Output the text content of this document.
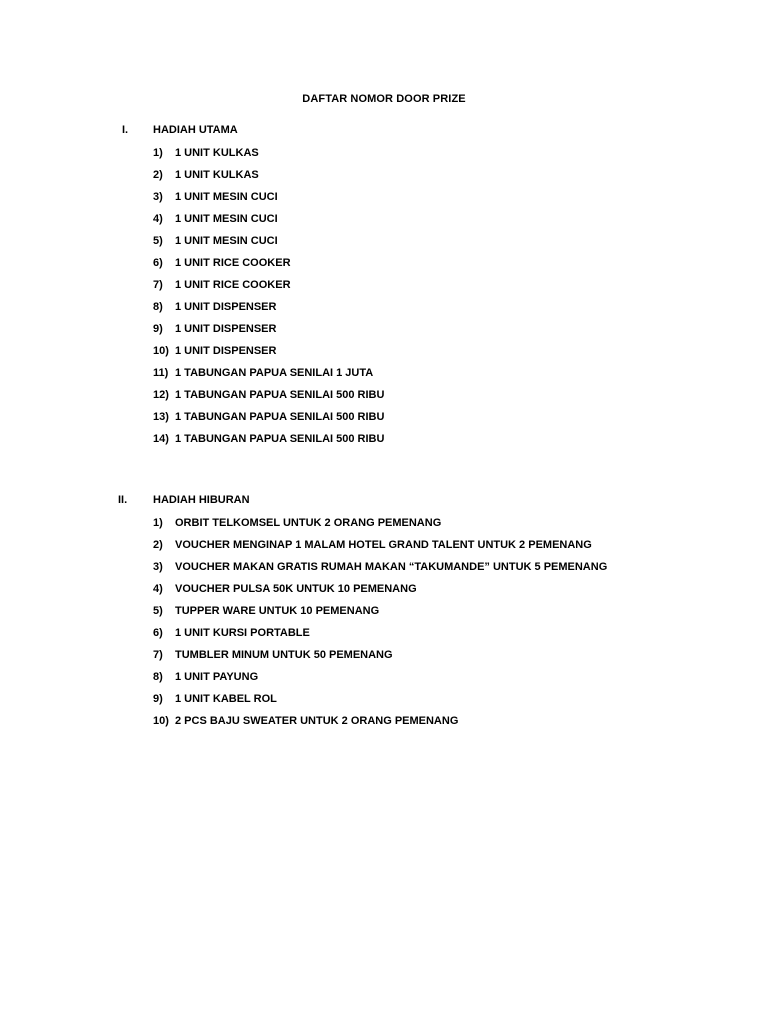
DAFTAR NOMOR DOOR PRIZE
I. HADIAH UTAMA
1) 1 UNIT KULKAS
2) 1 UNIT KULKAS
3) 1 UNIT MESIN CUCI
4) 1 UNIT MESIN CUCI
5) 1 UNIT MESIN CUCI
6) 1 UNIT RICE COOKER
7) 1 UNIT RICE COOKER
8) 1 UNIT DISPENSER
9) 1 UNIT DISPENSER
10) 1 UNIT DISPENSER
11) 1 TABUNGAN PAPUA SENILAI 1 JUTA
12) 1 TABUNGAN PAPUA SENILAI 500 RIBU
13) 1 TABUNGAN PAPUA SENILAI 500 RIBU
14) 1 TABUNGAN PAPUA SENILAI 500 RIBU
II. HADIAH HIBURAN
1) ORBIT TELKOMSEL UNTUK 2 ORANG PEMENANG
2) VOUCHER MENGINAP 1 MALAM HOTEL GRAND TALENT UNTUK 2 PEMENANG
3) VOUCHER MAKAN GRATIS RUMAH MAKAN “TAKUMANDE” UNTUK 5 PEMENANG
4) VOUCHER PULSA 50K UNTUK 10 PEMENANG
5) TUPPER WARE UNTUK 10 PEMENANG
6) 1 UNIT KURSI PORTABLE
7) TUMBLER MINUM UNTUK 50 PEMENANG
8) 1 UNIT PAYUNG
9) 1 UNIT KABEL ROL
10) 2 PCS BAJU SWEATER UNTUK 2 ORANG PEMENANG
